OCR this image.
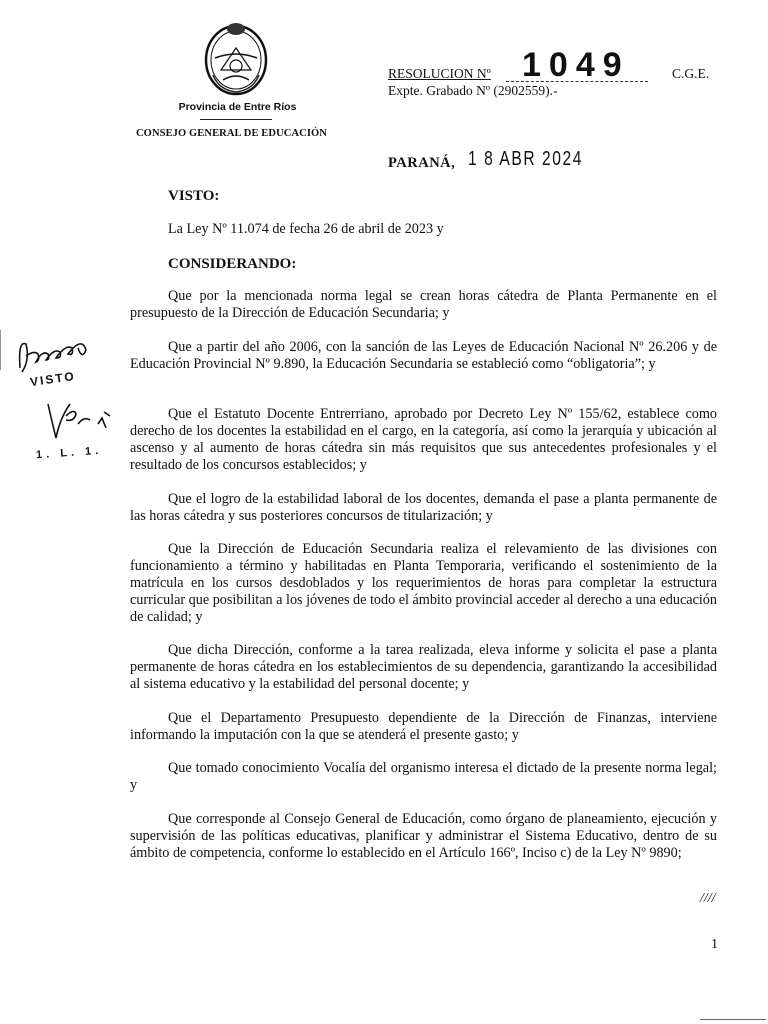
Provincia de Entre Ríos
CONSEJO GENERAL DE EDUCACIÓN
RESOLUCION Nº 1049	C.G.E.
Expte. Grabado Nº (2902559).-
PARANÁ, 1 8 ABR 2024
VISTO:
La Ley Nº 11.074 de fecha 26 de abril de 2023 y
CONSIDERANDO:
Que por la mencionada norma legal se crean horas cátedra de Planta Permanente en el presupuesto de la Dirección de Educación Secundaria; y
Que a partir del año 2006, con la sanción de las Leyes de Educación Nacional Nº 26.206 y de Educación Provincial Nº 9.890, la Educación Secundaria se estableció como “obligatoria”; y
Que el Estatuto Docente Entrerriano, aprobado por Decreto Ley Nº 155/62, establece como derecho de los docentes la estabilidad en el cargo, en la categoría, así como la jerarquía y ubicación al ascenso y al aumento de horas cátedra sin más requisitos que sus antecedentes profesionales y el resultado de los concursos establecidos; y
Que el logro de la estabilidad laboral de los docentes, demanda el pase a planta permanente de las horas cátedra y sus posteriores concursos de titularización; y
Que la Dirección de Educación Secundaria realiza el relevamiento de las divisiones con funcionamiento a término y habilitadas en Planta Temporaria, verificando el sostenimiento de la matrícula en los cursos desdoblados y los requerimientos de horas para completar la estructura curricular que posibilitan a los jóvenes de todo el ámbito provincial acceder al derecho a una educación de calidad; y
Que dicha Dirección, conforme a la tarea realizada, eleva informe y solicita el pase a planta permanente de horas cátedra en los establecimientos de su dependencia, garantizando la accesibilidad al sistema educativo y la estabilidad del personal docente; y
Que el Departamento Presupuesto dependiente de la Dirección de Finanzas, interviene informando la imputación con la que se atenderá el presente gasto; y
Que tomado conocimiento Vocalía del organismo interesa el dictado de la presente norma legal; y
Que corresponde al Consejo General de Educación, como órgano de planeamiento, ejecución y supervisión de las políticas educativas, planificar y administrar el Sistema Educativo, dentro de su ámbito de competencia, conforme lo establecido en el Artículo 166º, Inciso c) de la Ley Nº 9890;
////
1
VISTO
1. L. 1.
